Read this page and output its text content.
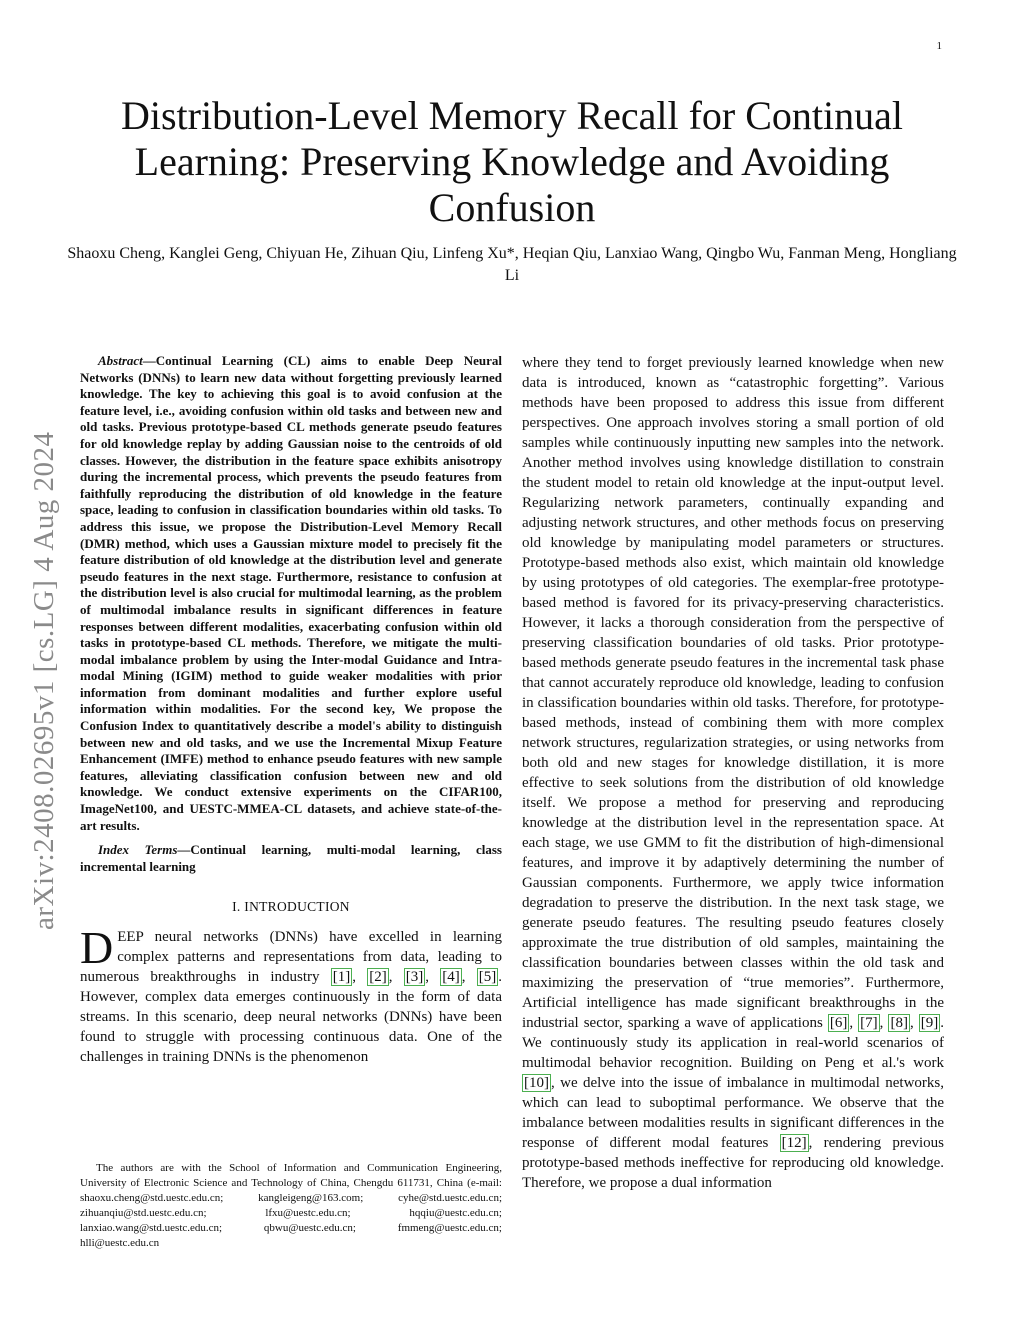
1
arXiv:2408.02695v1 [cs.LG] 4 Aug 2024
Distribution-Level Memory Recall for Continual Learning: Preserving Knowledge and Avoiding Confusion
Shaoxu Cheng, Kanglei Geng, Chiyuan He, Zihuan Qiu, Linfeng Xu*, Heqian Qiu, Lanxiao Wang, Qingbo Wu, Fanman Meng, Hongliang Li

Abstract—Continual Learning (CL) aims to enable Deep Neural Networks (DNNs) to learn new data without forgetting previously learned knowledge. The key to achieving this goal is to avoid confusion at the feature level, i.e., avoiding confusion within old tasks and between new and old tasks. Previous prototype-based CL methods generate pseudo features for old knowledge replay by adding Gaussian noise to the centroids of old classes. However, the distribution in the feature space exhibits anisotropy during the incremental process, which prevents the pseudo features from faithfully reproducing the distribution of old knowledge in the feature space, leading to confusion in classification boundaries within old tasks. To address this issue, we propose the Distribution-Level Memory Recall (DMR) method, which uses a Gaussian mixture model to precisely fit the feature distribution of old knowledge at the distribution level and generate pseudo features in the next stage. Furthermore, resistance to confusion at the distribution level is also crucial for multimodal learning, as the problem of multimodal imbalance results in significant differences in feature responses between different modalities, exacerbating confusion within old tasks in prototype-based CL methods. Therefore, we mitigate the multi-modal imbalance problem by using the Inter-modal Guidance and Intra-modal Mining (IGIM) method to guide weaker modalities with prior information from dominant modalities and further explore useful information within modalities. For the second key, We propose the Confusion Index to quantitatively describe a model's ability to distinguish between new and old tasks, and we use the Incremental Mixup Feature Enhancement (IMFE) method to enhance pseudo features with new sample features, alleviating classification confusion between new and old knowledge. We conduct extensive experiments on the CIFAR100, ImageNet100, and UESTC-MMEA-CL datasets, and achieve state-of-the-art results.

Index Terms—Continual learning, multi-modal learning, class incremental learning

I. INTRODUCTION

DEEP neural networks (DNNs) have excelled in learning complex patterns and representations from data, leading to numerous breakthroughs in industry [1] , [2] , [3] , [4] , [5] . However, complex data emerges continuously in the form of data streams. In this scenario, deep neural networks (DNNs) have been found to struggle with processing continuous data. One of the challenges in training DNNs is the phenomenon

The authors are with the School of Information and Communication Engineering, University of Electronic Science and Technology of China, Chengdu 611731, China (e-mail: shaoxu.cheng@std.uestc.edu.cn; kangleigeng@163.com; cyhe@std.uestc.edu.cn; zihuanqiu@std.uestc.edu.cn; lfxu@uestc.edu.cn; hqqiu@uestc.edu.cn; lanxiao.wang@std.uestc.edu.cn; qbwu@uestc.edu.cn; fmmeng@uestc.edu.cn; hlli@uestc.edu.cn

where they tend to forget previously learned knowledge when new data is introduced, known as “catastrophic forgetting”. Various methods have been proposed to address this issue from different perspectives. One approach involves storing a small portion of old samples while continuously inputting new samples into the network. Another method involves using knowledge distillation to constrain the student model to retain old knowledge at the input-output level. Regularizing network parameters, continually expanding and adjusting network structures, and other methods focus on preserving old knowledge by manipulating model parameters or structures. Prototype-based methods also exist, which maintain old knowledge by using prototypes of old categories. The exemplar-free prototype-based method is favored for its privacy-preserving characteristics. However, it lacks a thorough consideration from the perspective of preserving classification boundaries of old tasks. Prior prototype-based methods generate pseudo features in the incremental task phase that cannot accurately reproduce old knowledge, leading to confusion in classification boundaries within old tasks. Therefore, for prototype-based methods, instead of combining them with more complex network structures, regularization strategies, or using networks from both old and new stages for knowledge distillation, it is more effective to seek solutions from the distribution of old knowledge itself. We propose a method for preserving and reproducing knowledge at the distribution level in the representation space. At each stage, we use GMM to fit the distribution of high-dimensional features, and improve it by adaptively determining the number of Gaussian components. Furthermore, we apply twice information degradation to preserve the distribution. In the next task stage, we generate pseudo features. The resulting pseudo features closely approximate the true distribution of old samples, maintaining the classification boundaries between classes within the old task and maximizing the preservation of “true memories”. Furthermore, Artificial intelligence has made significant breakthroughs in the industrial sector, sparking a wave of applications [6] , [7] , [8] , [9] . We continuously study its application in real-world scenarios of multimodal behavior recognition. Building on Peng et al.'s work [10] , we delve into the issue of imbalance in multimodal networks, which can lead to suboptimal performance. We observe that the imbalance between modalities results in significant differences in the response of different modal features [12] , rendering previous prototype-based methods ineffective for reproducing old knowledge. Therefore, we propose a dual information
